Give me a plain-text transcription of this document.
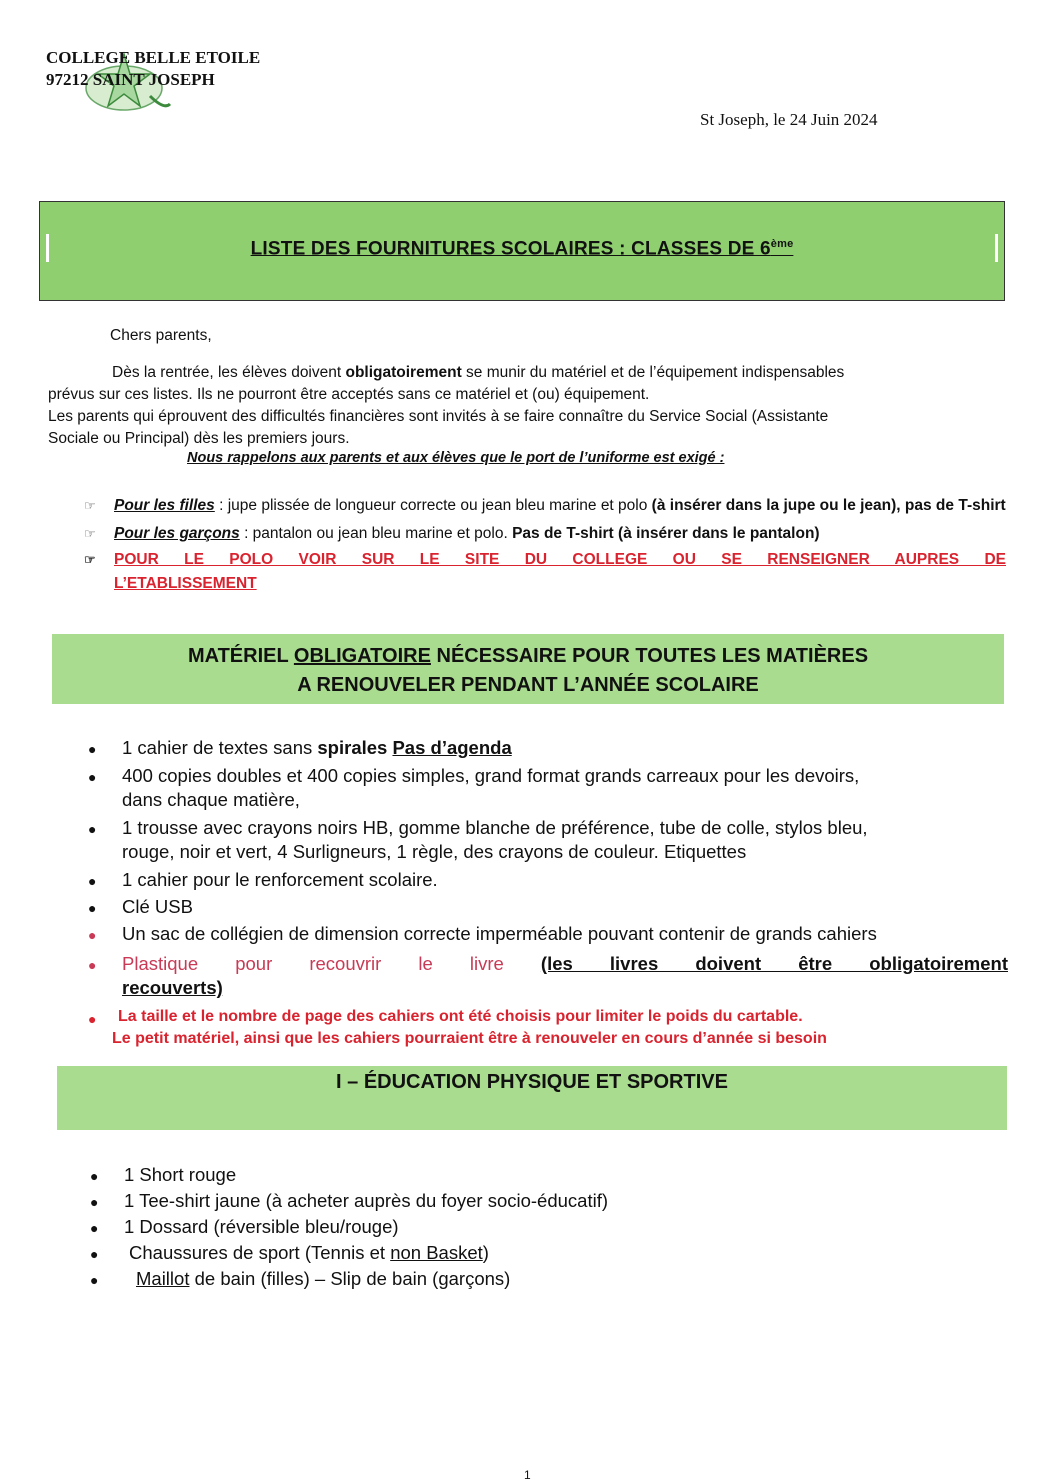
COLLEGE BELLE ETOILE
97212 SAINT JOSEPH
St Joseph, le 24 Juin 2024
LISTE DES FOURNITURES SCOLAIRES : CLASSES DE 6ème
Chers parents,
Dès la rentrée, les élèves doivent obligatoirement se munir du matériel et de l’équipement indispensables
prévus sur ces listes. Ils ne pourront être acceptés sans ce matériel et (ou) équipement.
Les parents qui éprouvent des difficultés financières sont invités à se faire connaître du Service Social (Assistante
Sociale ou Principal) dès les premiers jours.
Nous rappelons aux parents et aux élèves que le port de l’uniforme est exigé :
☞ Pour les filles : jupe plissée de longueur correcte ou jean bleu marine et polo (à insérer dans la jupe ou le jean), pas de T-shirt
☞ Pour les garçons : pantalon ou jean bleu marine et polo. Pas de T-shirt (à insérer dans le pantalon)
☞ POUR LE POLO VOIR SUR LE SITE DU COLLEGE OU SE RENSEIGNER AUPRES DE
L’ETABLISSEMENT
MATÉRIEL OBLIGATOIRE NÉCESSAIRE POUR TOUTES LES MATIÈRES
A RENOUVELER PENDANT L’ANNÉE SCOLAIRE
● 1 cahier de textes sans spirales Pas d’agenda
● 400 copies doubles et 400 copies simples, grand format grands carreaux pour les devoirs,
dans chaque matière,
● 1 trousse avec crayons noirs HB, gomme blanche de préférence, tube de colle, stylos bleu,
rouge, noir et vert, 4 Surligneurs, 1 règle, des crayons de couleur. Etiquettes
● 1 cahier pour le renforcement scolaire.
● Clé USB
● Un sac de collégien de dimension correcte imperméable pouvant contenir de grands cahiers
● Plastique pour recouvrir le livre (les livres doivent être obligatoirement
recouverts)
● La taille et le nombre de page des cahiers ont été choisis pour limiter le poids du cartable.
Le petit matériel, ainsi que les cahiers pourraient être à renouveler en cours d’année si besoin
I – ÉDUCATION PHYSIQUE ET SPORTIVE
● 1 Short rouge
● 1 Tee-shirt jaune (à acheter auprès du foyer socio-éducatif)
● 1 Dossard (réversible bleu/rouge)
● Chaussures de sport (Tennis et non Basket)
● Maillot de bain (filles) – Slip de bain (garçons)
1
